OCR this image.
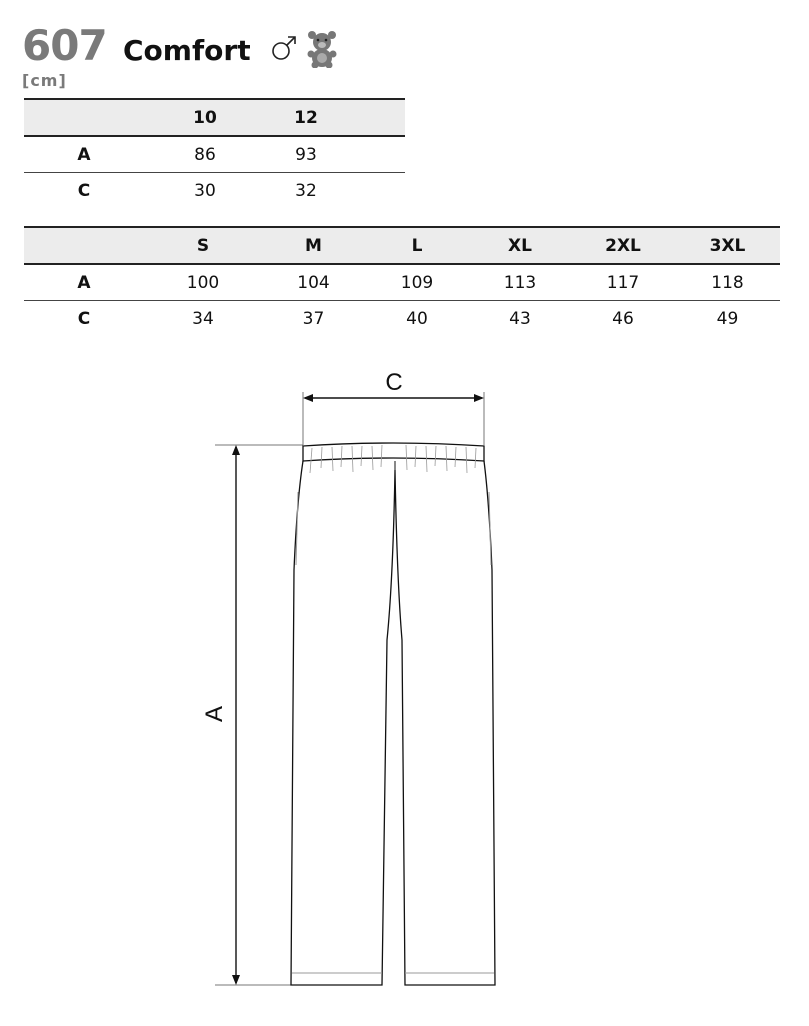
607 Comfort
[cm]
	10	12	
A	86	93	
C	30	32	
	S	M	L	XL	2XL	3XL
A	100	104	109	113	117	118
C	34	37	40	43	46	49
C
A
